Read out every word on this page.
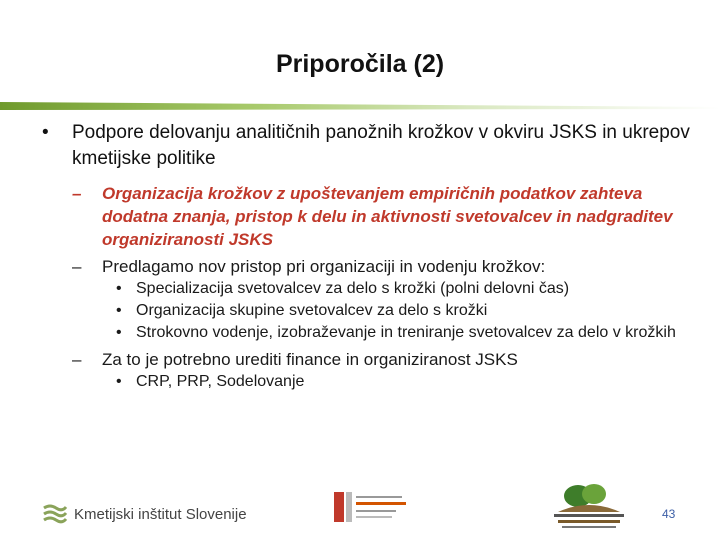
Priporočila (2)
• Podpore delovanju analitičnih panožnih krožkov v okviru JSKS in ukrepov kmetijske politike
– Organizacija krožkov z upoštevanjem empiričnih podatkov zahteva dodatna znanja, pristop k delu in aktivnosti svetovalcev in nadgraditev organiziranosti JSKS
– Predlagamo nov pristop pri organizaciji in vodenju krožkov:
• Specializacija svetovalcev za delo s krožki (polni delovni čas)
• Organizacija skupine svetovalcev za delo s krožki
• Strokovno vodenje, izobraževanje in treniranje svetovalcev za delo v krožkih
– Za to je potrebno urediti finance in organiziranost JSKS
• CRP, PRP, Sodelovanje
Kmetijski inštitut Slovenije	43
